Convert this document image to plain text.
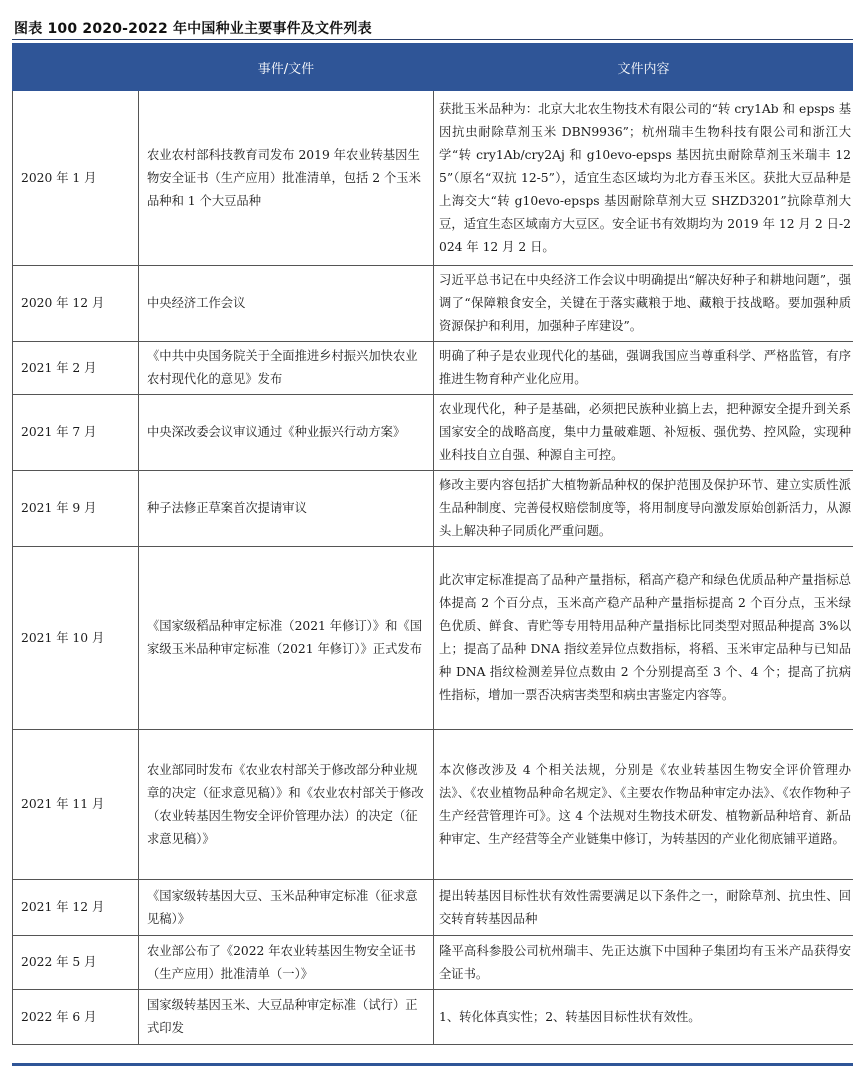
图表 100 2020-2022 年中国种业主要事件及文件列表
	事件/文件	文件内容
2020 年 1 月	农业农村部科技教育司发布 2019 年农业转基因生物安全证书（生产应用）批准清单，包括 2 个玉米品种和 1 个大豆品种	获批玉米品种为：北京大北农生物技术有限公司的“转 cry1Ab 和 epsps 基因抗虫耐除草剂玉米 DBN9936”；杭州瑞丰生物科技有限公司和浙江大学“转 cry1Ab/cry2Aj 和 g10evo-epsps 基因抗虫耐除草剂玉米瑞丰 125”（原名“双抗 12-5”），适宜生态区域均为北方春玉米区。获批大豆品种是上海交大“转 g10evo-epsps 基因耐除草剂大豆 SHZD3201”抗除草剂大豆，适宜生态区域南方大豆区。安全证书有效期均为 2019 年 12 月 2 日-2024 年 12 月 2 日。
2020 年 12 月	中央经济工作会议	习近平总书记在中央经济工作会议中明确提出“解决好种子和耕地问题”，强调了“保障粮食安全，关键在于落实藏粮于地、藏粮于技战略。要加强种质资源保护和利用，加强种子库建设”。
2021 年 2 月	《中共中央国务院关于全面推进乡村振兴加快农业农村现代化的意见》发布	明确了种子是农业现代化的基础，强调我国应当尊重科学、严格监管，有序推进生物育种产业化应用。
2021 年 7 月	中央深改委会议审议通过《种业振兴行动方案》	农业现代化，种子是基础，必须把民族种业搞上去，把种源安全提升到关系国家安全的战略高度，集中力量破难题、补短板、强优势、控风险，实现种业科技自立自强、种源自主可控。
2021 年 9 月	种子法修正草案首次提请审议	修改主要内容包括扩大植物新品种权的保护范围及保护环节、建立实质性派生品种制度、完善侵权赔偿制度等，将用制度导向激发原始创新活力，从源头上解决种子同质化严重问题。
2021 年 10 月	《国家级稻品种审定标准（2021 年修订）》和《国家级玉米品种审定标准（2021 年修订）》正式发布	此次审定标准提高了品种产量指标，稻高产稳产和绿色优质品种产量指标总体提高 2 个百分点，玉米高产稳产品种产量指标提高 2 个百分点，玉米绿色优质、鲜食、青贮等专用特用品种产量指标比同类型对照品种提高 3%以上；提高了品种 DNA 指纹差异位点数指标，将稻、玉米审定品种与已知品种 DNA 指纹检测差异位点数由 2 个分别提高至 3 个、4 个；提高了抗病性指标，增加一票否决病害类型和病虫害鉴定内容等。
2021 年 11 月	农业部同时发布《农业农村部关于修改部分种业规章的决定（征求意见稿）》和《农业农村部关于修改（农业转基因生物安全评价管理办法）的决定（征求意见稿）》	本次修改涉及 4 个相关法规，分别是《农业转基因生物安全评价管理办法》、《农业植物品种命名规定》、《主要农作物品种审定办法》、《农作物种子生产经营管理许可》。这 4 个法规对生物技术研发、植物新品种培育、新品种审定、生产经营等全产业链集中修订，为转基因的产业化彻底铺平道路。
2021 年 12 月	《国家级转基因大豆、玉米品种审定标准（征求意见稿）》	提出转基因目标性状有效性需要满足以下条件之一，耐除草剂、抗虫性、回交转育转基因品种
2022 年 5 月	农业部公布了《2022 年农业转基因生物安全证书（生产应用）批准清单（一）》	隆平高科参股公司杭州瑞丰、先正达旗下中国种子集团均有玉米产品获得安全证书。
2022 年 6 月	国家级转基因玉米、大豆品种审定标准（试行）正式印发	1、转化体真实性；2、转基因目标性状有效性。
